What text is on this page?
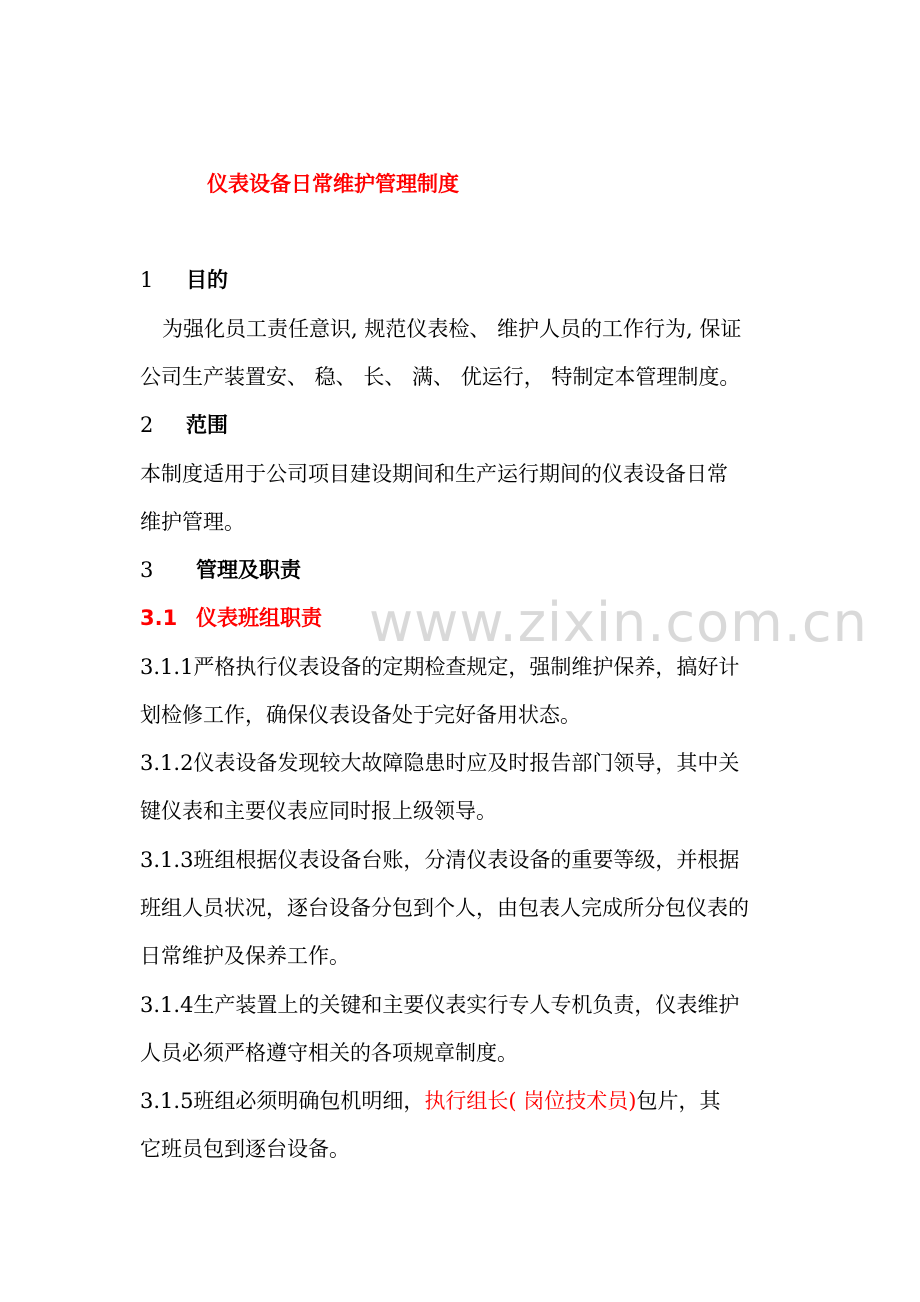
www.zixin.com.cn
仪表设备日常维护管理制度
1 目的
为强化员工责任意识, 规范仪表检、 维护人员的工作行为, 保证
公司生产装置安、 稳、 长、 满、 优运行， 特制定本管理制度。
2 范围
本制度适用于公司项目建设期间和生产运行期间的仪表设备日常
维护管理。
3 管理及职责
3.1 仪表班组职责
3.1.1严格执行仪表设备的定期检查规定，强制维护保养，搞好计
划检修工作，确保仪表设备处于完好备用状态。
3.1.2仪表设备发现较大故障隐患时应及时报告部门领导，其中关
键仪表和主要仪表应同时报上级领导。
3.1.3班组根据仪表设备台账，分清仪表设备的重要等级，并根据
班组人员状况，逐台设备分包到个人，由包表人完成所分包仪表的
日常维护及保养工作。
3.1.4生产装置上的关键和主要仪表实行专人专机负责，仪表维护
人员必须严格遵守相关的各项规章制度。
3.1.5班组必须明确包机明细，执行组长( 岗位技术员)包片，其
它班员包到逐台设备。
